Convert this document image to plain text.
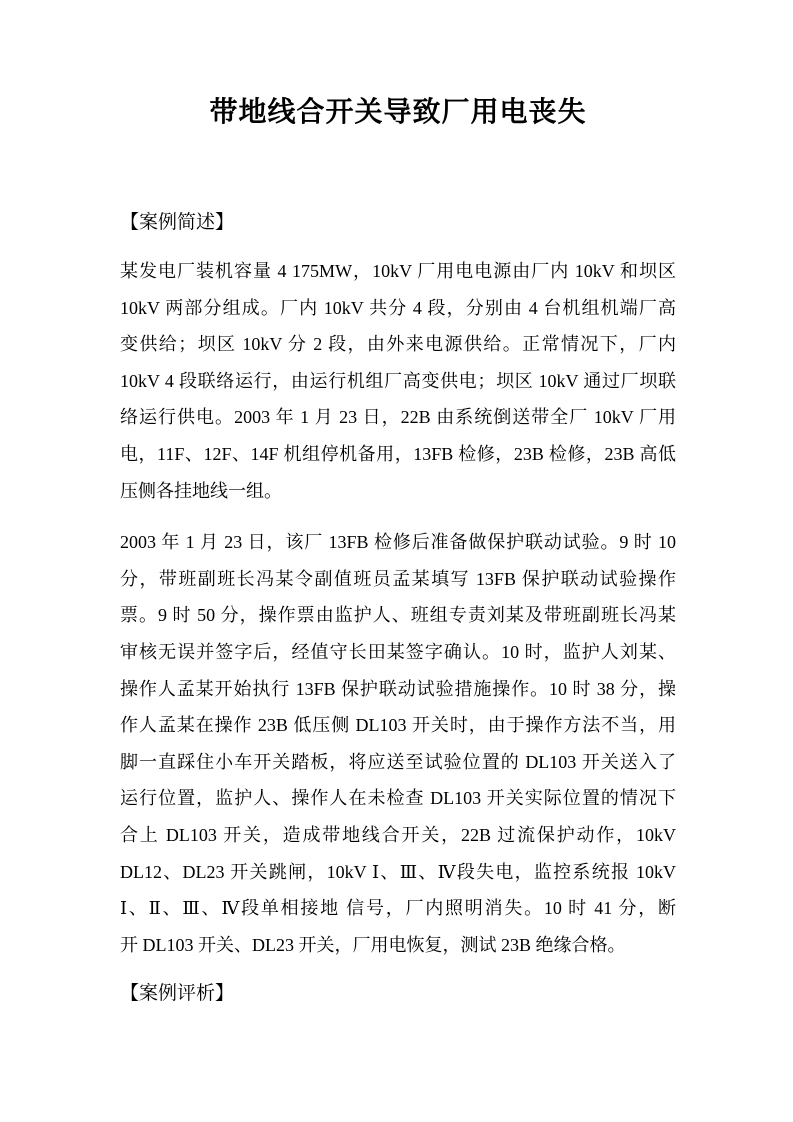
带地线合开关导致厂用电丧失
【案例简述】
某发电厂装机容量 4 175MW，10kV 厂用电电源由厂内 10kV 和坝区
10kV 两部分组成。厂内 10kV 共分 4 段，分别由 4 台机组机端厂高
变供给；坝区 10kV 分 2 段，由外来电源供给。正常情况下，厂内
10kV 4 段联络运行，由运行机组厂高变供电；坝区 10kV 通过厂坝联
络运行供电。2003 年 1 月 23 日，22B 由系统倒送带全厂 10kV 厂用
电，11F、12F、14F 机组停机备用，13FB 检修，23B 检修，23B 高低
压侧各挂地线一组。
2003 年 1 月 23 日，该厂 13FB 检修后准备做保护联动试验。9 时 10
分，带班副班长冯某令副值班员孟某填写 13FB 保护联动试验操作
票。9 时 50 分，操作票由监护人、班组专责刘某及带班副班长冯某
审核无误并签字后，经值守长田某签字确认。10 时，监护人刘某、
操作人孟某开始执行 13FB 保护联动试验措施操作。10 时 38 分，操
作人孟某在操作 23B 低压侧 DL103 开关时，由于操作方法不当，用
脚一直踩住小车开关踏板，将应送至试验位置的 DL103 开关送入了
运行位置，监护人、操作人在未检查 DL103 开关实际位置的情况下
合上 DL103 开关，造成带地线合开关，22B 过流保护动作，10kV
DL12、DL23 开关跳闸，10kV Ⅰ、Ⅲ、Ⅳ段失电，监控系统报 10kV
Ⅰ、Ⅱ、Ⅲ、Ⅳ段单相接地 信号，厂内照明消失。10 时 41 分，断
开 DL103 开关、DL23 开关，厂用电恢复，测试 23B 绝缘合格。
【案例评析】
